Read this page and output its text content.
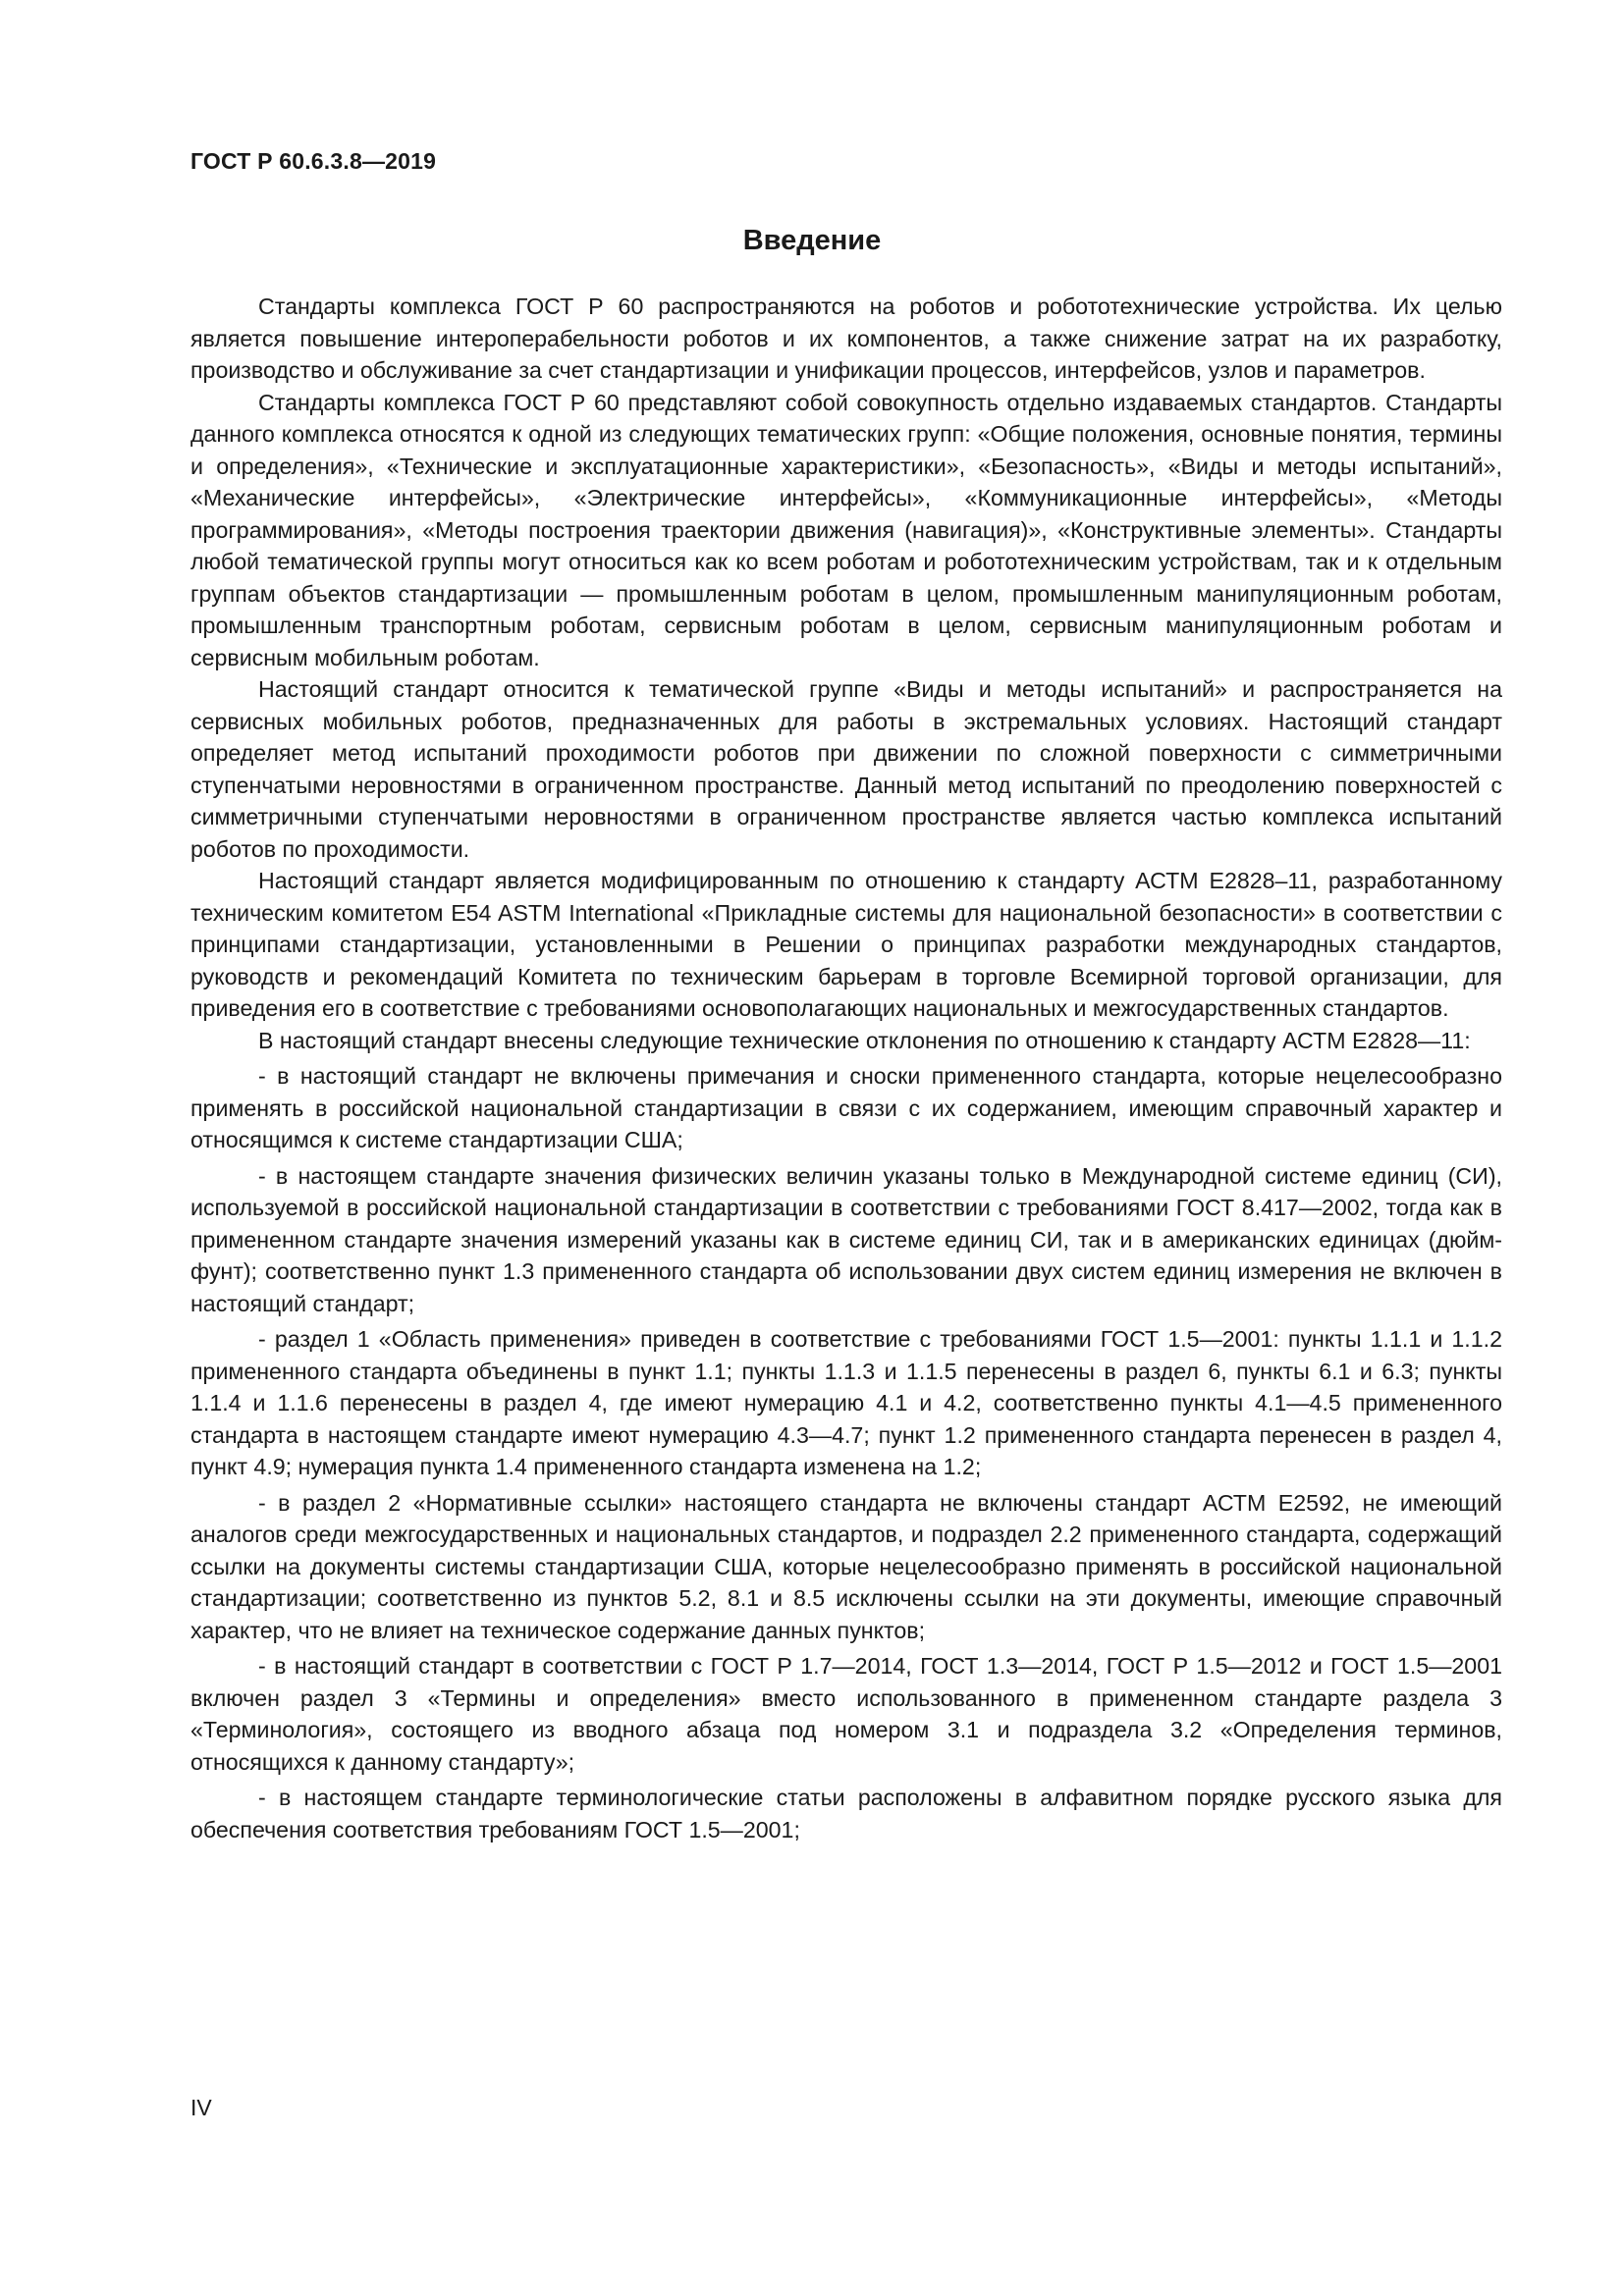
ГОСТ Р 60.6.3.8—2019
Введение

Стандарты комплекса ГОСТ Р 60 распространяются на роботов и робототехнические устройства. Их целью является повышение интероперабельности роботов и их компонентов, а также снижение затрат на их разработку, производство и обслуживание за счет стандартизации и унификации процессов, интерфейсов, узлов и параметров.

Стандарты комплекса ГОСТ Р 60 представляют собой совокупность отдельно издаваемых стандартов. Стандарты данного комплекса относятся к одной из следующих тематических групп: «Общие положения, основные понятия, термины и определения», «Технические и эксплуатационные характеристики», «Безопасность», «Виды и методы испытаний», «Механические интерфейсы», «Электрические интерфейсы», «Коммуникационные интерфейсы», «Методы программирования», «Методы построения траектории движения (навигация)», «Конструктивные элементы». Стандарты любой тематической группы могут относиться как ко всем роботам и робототехническим устройствам, так и к отдельным группам объектов стандартизации — промышленным роботам в целом, промышленным манипуляционным роботам, промышленным транспортным роботам, сервисным роботам в целом, сервисным манипуляционным роботам и сервисным мобильным роботам.

Настоящий стандарт относится к тематической группе «Виды и методы испытаний» и распространяется на сервисных мобильных роботов, предназначенных для работы в экстремальных условиях. Настоящий стандарт определяет метод испытаний проходимости роботов при движении по сложной поверхности с симметричными ступенчатыми неровностями в ограниченном пространстве. Данный метод испытаний по преодолению поверхностей с симметричными ступенчатыми неровностями в ограниченном пространстве является частью комплекса испытаний роботов по проходимости.

Настоящий стандарт является модифицированным по отношению к стандарту АСТМ Е2828–11, разработанному техническим комитетом E54 ASTM International «Прикладные системы для национальной безопасности» в соответствии с принципами стандартизации, установленными в Решении о принципах разработки международных стандартов, руководств и рекомендаций Комитета по техническим барьерам в торговле Всемирной торговой организации, для приведения его в соответствие с требованиями основополагающих национальных и межгосударственных стандартов.

В настоящий стандарт внесены следующие технические отклонения по отношению к стандарту АСТМ Е2828—11:

- в настоящий стандарт не включены примечания и сноски примененного стандарта, которые нецелесообразно применять в российской национальной стандартизации в связи с их содержанием, имеющим справочный характер и относящимся к системе стандартизации США;

- в настоящем стандарте значения физических величин указаны только в Международной системе единиц (СИ), используемой в российской национальной стандартизации в соответствии с требованиями ГОСТ 8.417—2002, тогда как в примененном стандарте значения измерений указаны как в системе единиц СИ, так и в американских единицах (дюйм-фунт); соответственно пункт 1.3 примененного стандарта об использовании двух систем единиц измерения не включен в настоящий стандарт;

- раздел 1 «Область применения» приведен в соответствие с требованиями ГОСТ 1.5—2001: пункты 1.1.1 и 1.1.2 примененного стандарта объединены в пункт 1.1; пункты 1.1.3 и 1.1.5 перенесены в раздел 6, пункты 6.1 и 6.3; пункты 1.1.4 и 1.1.6 перенесены в раздел 4, где имеют нумерацию 4.1 и 4.2, соответственно пункты 4.1—4.5 примененного стандарта в настоящем стандарте имеют нумерацию 4.3—4.7; пункт 1.2 примененного стандарта перенесен в раздел 4, пункт 4.9; нумерация пункта 1.4 примененного стандарта изменена на 1.2;

- в раздел 2 «Нормативные ссылки» настоящего стандарта не включены стандарт АСТМ Е2592, не имеющий аналогов среди межгосударственных и национальных стандартов, и подраздел 2.2 примененного стандарта, содержащий ссылки на документы системы стандартизации США, которые нецелесообразно применять в российской национальной стандартизации; соответственно из пунктов 5.2, 8.1 и 8.5 исключены ссылки на эти документы, имеющие справочный характер, что не влияет на техническое содержание данных пунктов;

- в настоящий стандарт в соответствии с ГОСТ Р 1.7—2014, ГОСТ 1.3—2014, ГОСТ Р 1.5—2012 и ГОСТ 1.5—2001 включен раздел 3 «Термины и определения» вместо использованного в примененном стандарте раздела 3 «Терминология», состоящего из вводного абзаца под номером 3.1 и подраздела 3.2 «Определения терминов, относящихся к данному стандарту»;

- в настоящем стандарте терминологические статьи расположены в алфавитном порядке русского языка для обеспечения соответствия требованиям ГОСТ 1.5—2001;

IV
